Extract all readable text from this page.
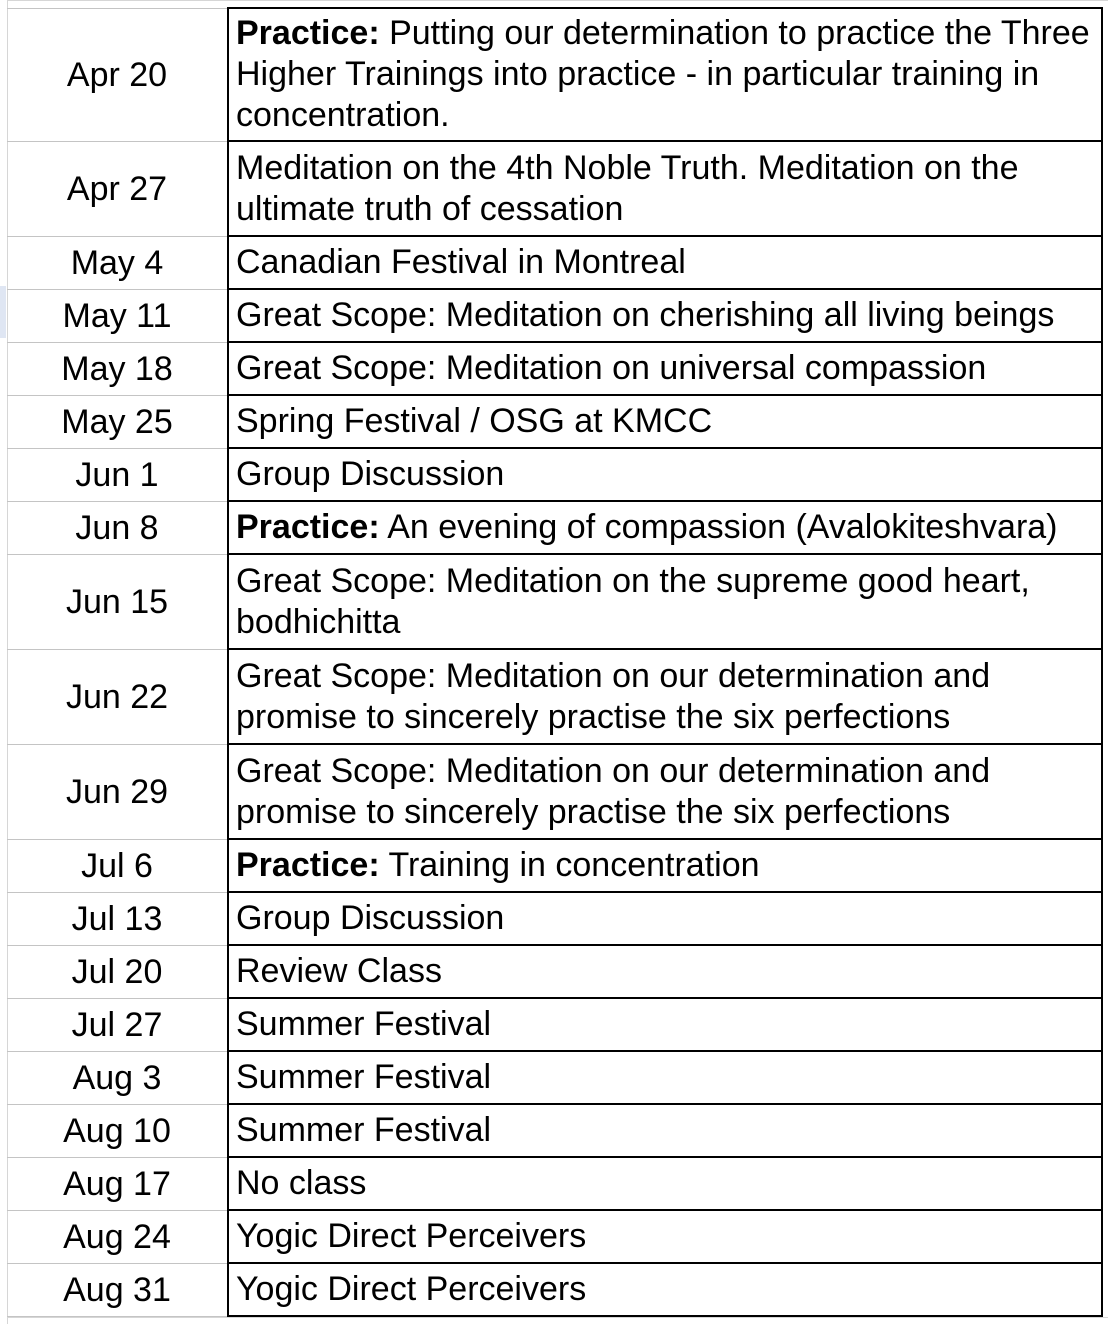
Apr 20	Practice: Putting our determination to practice the Three Higher Trainings into practice - in particular training in concentration.
Apr 27	Meditation on the 4th Noble Truth. Meditation on the ultimate truth of cessation
May 4	Canadian Festival in Montreal
May 11	Great Scope: Meditation on cherishing all living beings
May 18	Great Scope: Meditation on universal compassion
May 25	Spring Festival / OSG at KMCC
Jun 1	Group Discussion
Jun 8	Practice: An evening of compassion (Avalokiteshvara)
Jun 15	Great Scope: Meditation on the supreme good heart, bodhichitta
Jun 22	Great Scope: Meditation on our determination and promise to sincerely practise the six perfections
Jun 29	Great Scope: Meditation on our determination and promise to sincerely practise the six perfections
Jul 6	Practice: Training in concentration
Jul 13	Group Discussion
Jul 20	Review Class
Jul 27	Summer Festival
Aug 3	Summer Festival
Aug 10	Summer Festival
Aug 17	No class
Aug 24	Yogic Direct Perceivers
Aug 31	Yogic Direct Perceivers
